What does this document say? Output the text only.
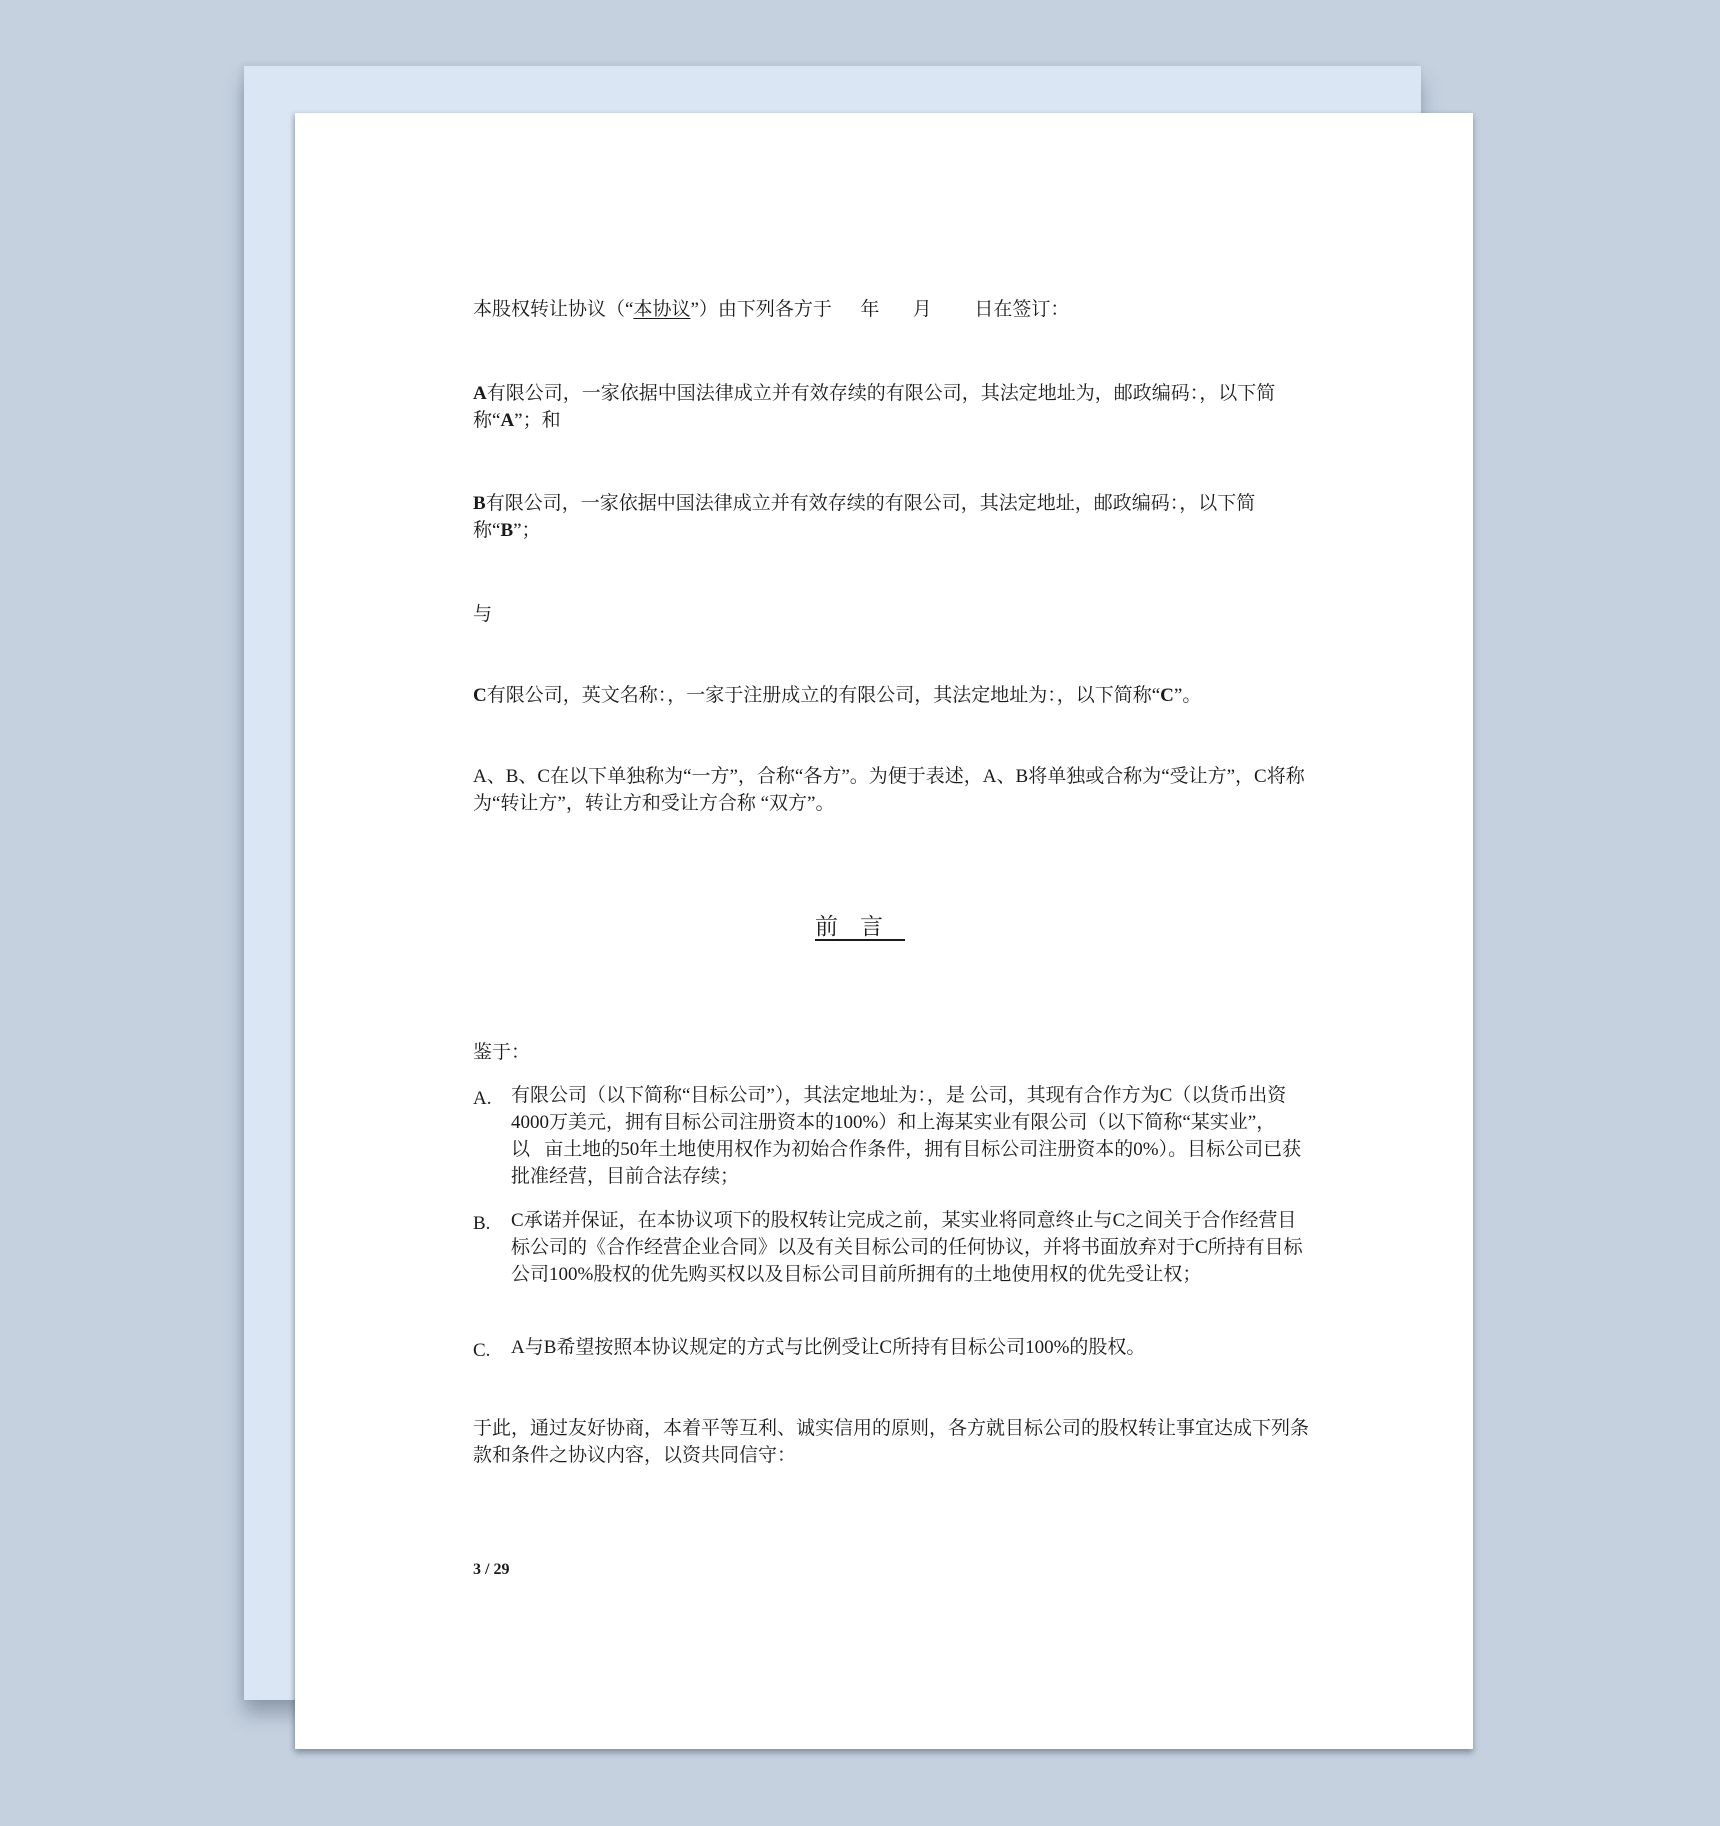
本股权转让协议（“本协议”）由下列各方于      年       月         日在签订：

A有限公司，一家依据中国法律成立并有效存续的有限公司，其法定地址为，邮政编码：，以下简称“A”；和

B有限公司，一家依据中国法律成立并有效存续的有限公司，其法定地址，邮政编码：，以下简称“B”；

与

C有限公司，英文名称：，一家于注册成立的有限公司，其法定地址为：，以下简称“C”。

A、B、C在以下单独称为“一方”，合称“各方”。为便于表述，A、B将单独或合称为“受让方”，C将称为“转让方”，转让方和受让方合称 “双方”。

前言

鉴于：

A.	有限公司（以下简称“目标公司”），其法定地址为：，是 公司，其现有合作方为C（以货币出资4000万美元，拥有目标公司注册资本的100%）和上海某实业有限公司（以下简称“某实业”，以   亩土地的50年土地使用权作为初始合作条件，拥有目标公司注册资本的0%）。目标公司已获批准经营，目前合法存续；
B.	C承诺并保证，在本协议项下的股权转让完成之前，某实业将同意终止与C之间关于合作经营目标公司的《合作经营企业合同》以及有关目标公司的任何协议，并将书面放弃对于C所持有目标公司100%股权的优先购买权以及目标公司目前所拥有的土地使用权的优先受让权；
C.	A与B希望按照本协议规定的方式与比例受让C所持有目标公司100%的股权。

于此，通过友好协商，本着平等互利、诚实信用的原则，各方就目标公司的股权转让事宜达成下列条款和条件之协议内容，以资共同信守：

3 / 29
